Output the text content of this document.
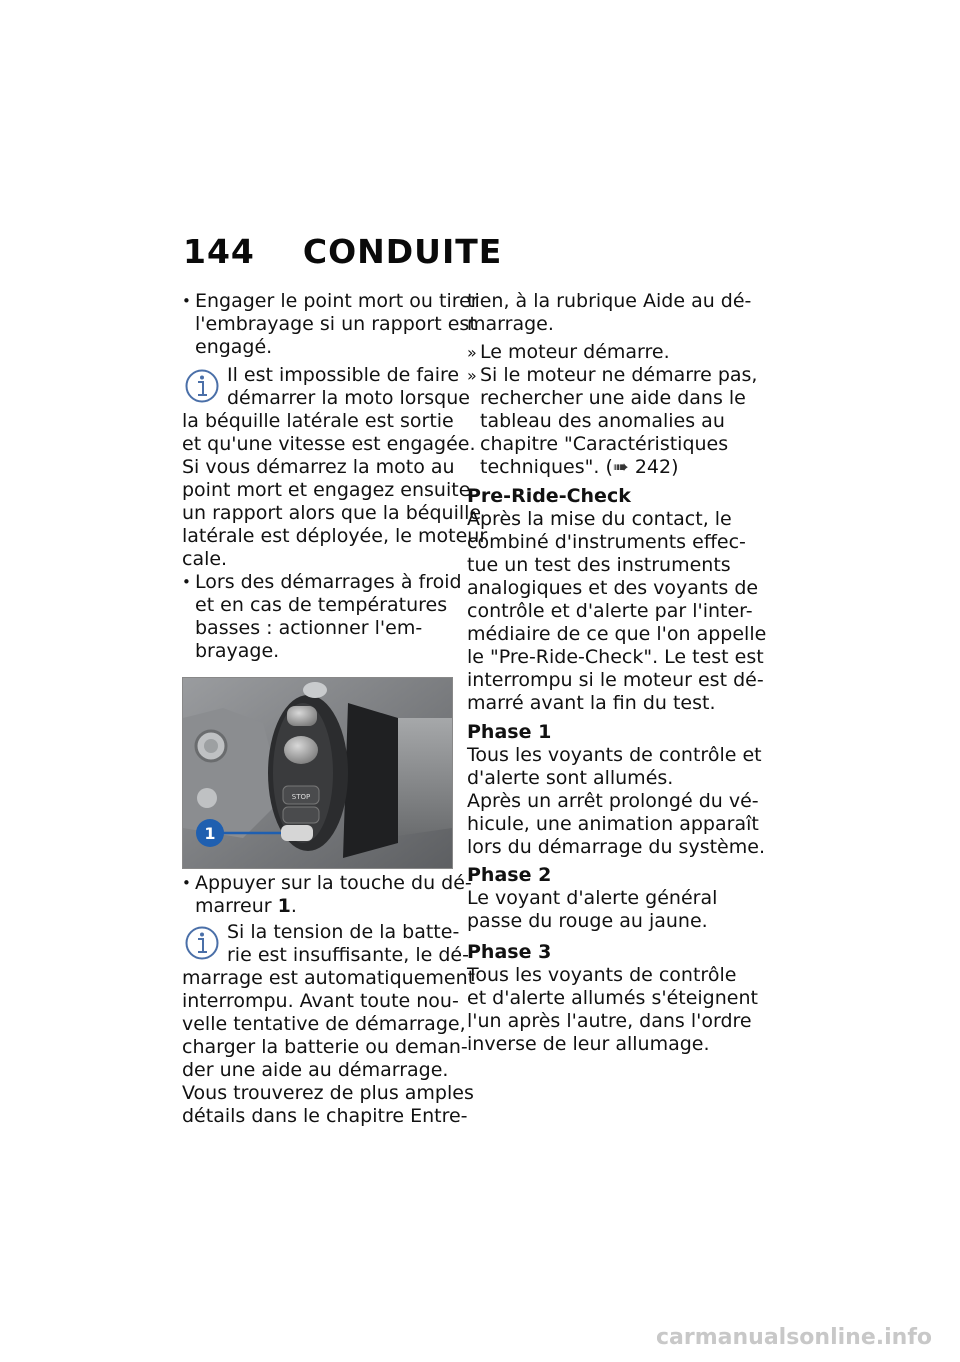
144 CONDUITE
• Engager le point mort ou tirer
l'embrayage si un rapport est
engagé.
Il est impossible de faire
démarrer la moto lorsque
la béquille latérale est sortie
et qu'une vitesse est engagée.
Si vous démarrez la moto au
point mort et engagez ensuite
un rapport alors que la béquille
latérale est déployée, le moteur
cale.
• Lors des démarrages à froid
et en cas de températures
basses : actionner l'em-
brayage.
STOP
1
• Appuyer sur la touche du dé-
marreur 1.
Si la tension de la batte-
rie est insuffisante, le dé-
marrage est automatiquement
interrompu. Avant toute nou-
velle tentative de démarrage,
charger la batterie ou deman-
der une aide au démarrage.
Vous trouverez de plus amples
détails dans le chapitre Entre-
tien, à la rubrique Aide au dé-
marrage.
» Le moteur démarre.
» Si le moteur ne démarre pas,
rechercher une aide dans le
tableau des anomalies au
chapitre "Caractéristiques
techniques". (➠ 242)
Pre-Ride-Check
Après la mise du contact, le
combiné d'instruments effec-
tue un test des instruments
analogiques et des voyants de
contrôle et d'alerte par l'inter-
médiaire de ce que l'on appelle
le "Pre-Ride-Check". Le test est
interrompu si le moteur est dé-
marré avant la fin du test.
Phase 1
Tous les voyants de contrôle et
d'alerte sont allumés.
Après un arrêt prolongé du vé-
hicule, une animation apparaît
lors du démarrage du système.
Phase 2
Le voyant d'alerte général
passe du rouge au jaune.
Phase 3
Tous les voyants de contrôle
et d'alerte allumés s'éteignent
l'un après l'autre, dans l'ordre
inverse de leur allumage.
carmanualsonline.info
